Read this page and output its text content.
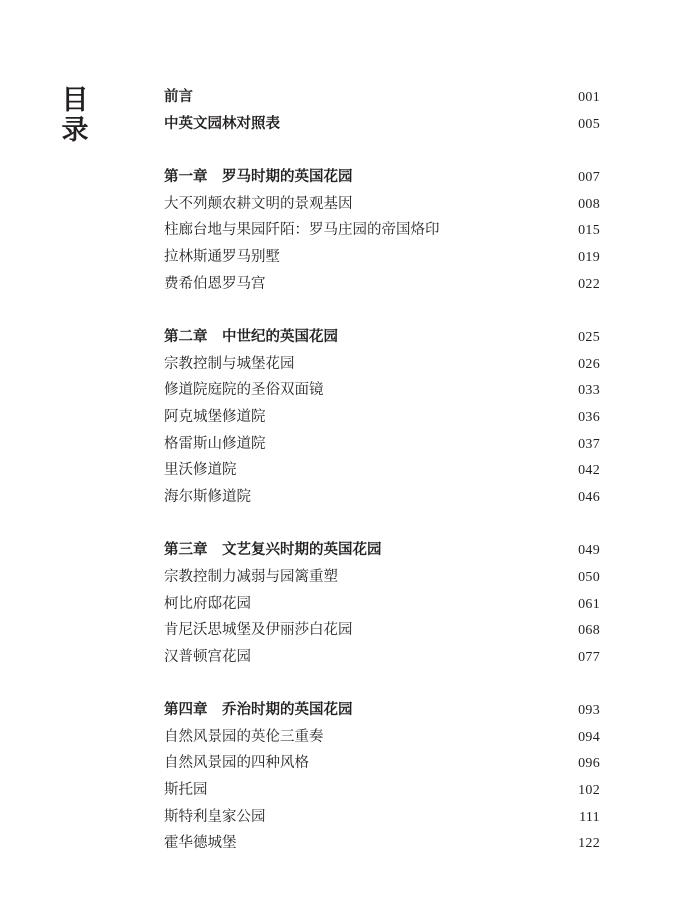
目
录
前言	001
中英文园林对照表	005
第一章　罗马时期的英国花园	007
大不列颠农耕文明的景观基因	008
柱廊台地与果园阡陌：罗马庄园的帝国烙印	015
拉林斯通罗马别墅	019
费希伯恩罗马宫	022
第二章　中世纪的英国花园	025
宗教控制与城堡花园	026
修道院庭院的圣俗双面镜	033
阿克城堡修道院	036
格雷斯山修道院	037
里沃修道院	042
海尔斯修道院	046
第三章　文艺复兴时期的英国花园	049
宗教控制力减弱与园篱重塑	050
柯比府邸花园	061
肯尼沃思城堡及伊丽莎白花园	068
汉普顿宫花园	077
第四章　乔治时期的英国花园	093
自然风景园的英伦三重奏	094
自然风景园的四种风格	096
斯托园	102
斯特利皇家公园	111
霍华德城堡	122
